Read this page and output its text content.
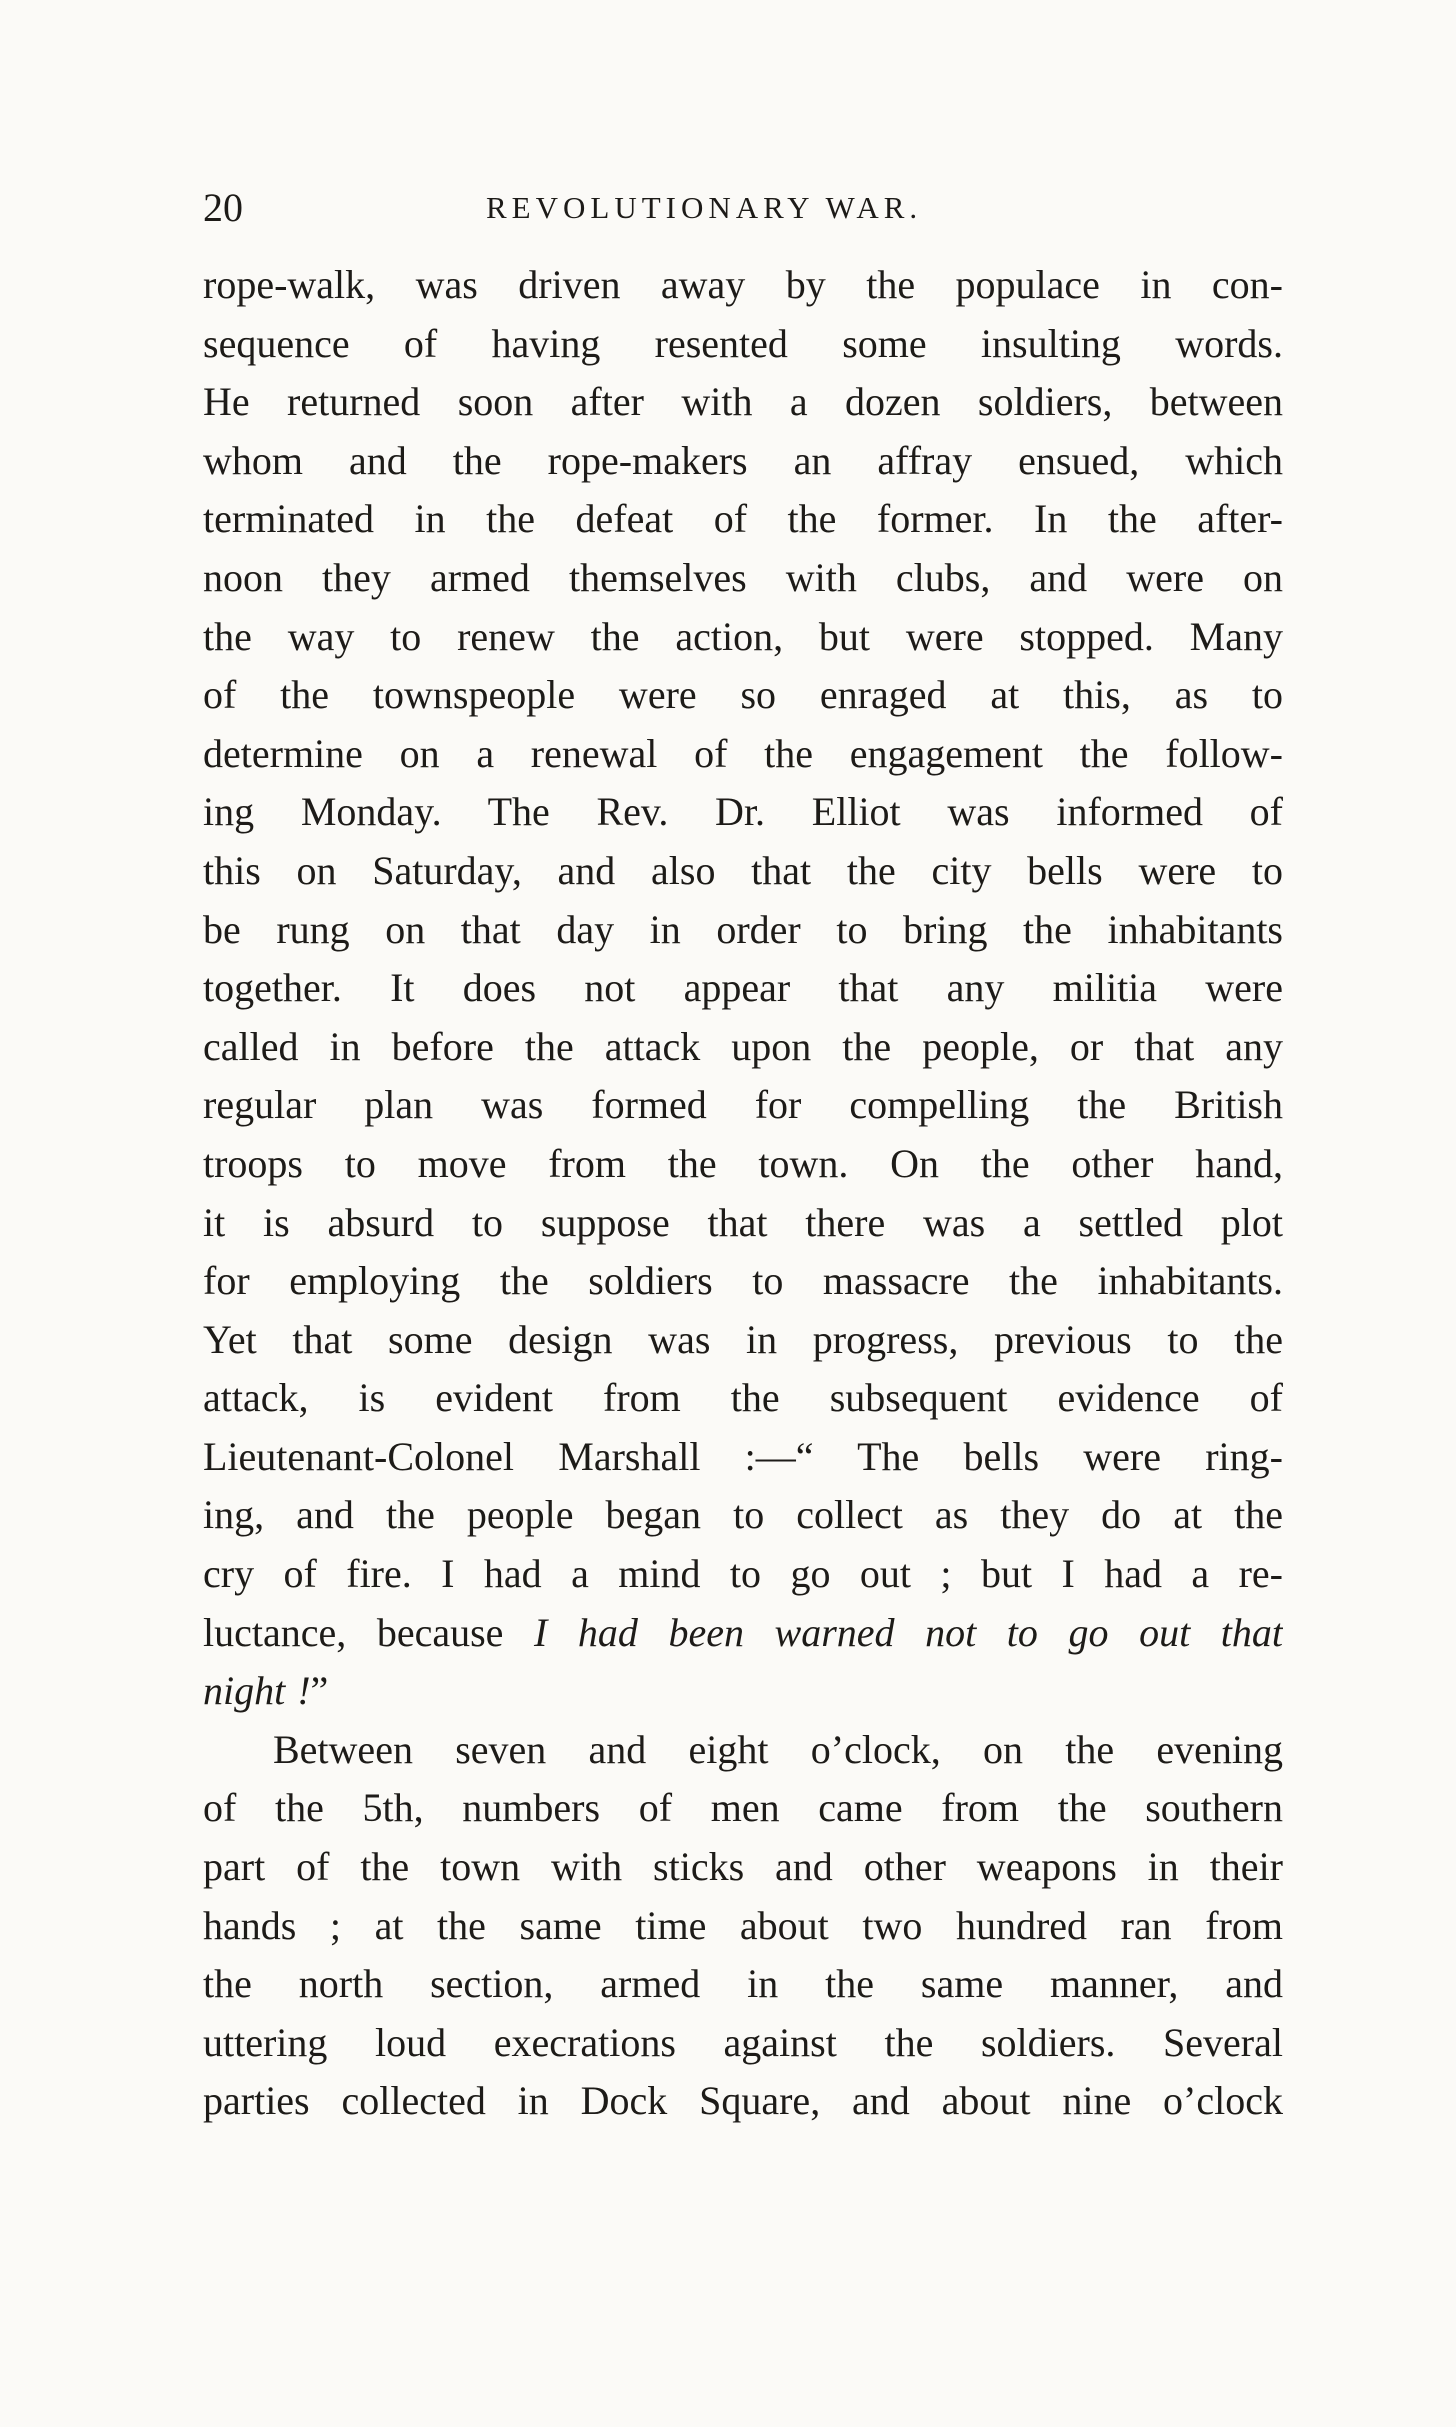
20	REVOLUTIONARY WAR.
rope-walk, was driven away by the populace in con-
sequence of having resented some insulting words.
He returned soon after with a dozen soldiers, between
whom and the rope-makers an affray ensued, which
terminated in the defeat of the former. In the after-
noon they armed themselves with clubs, and were on
the way to renew the action, but were stopped. Many
of the townspeople were so enraged at this, as to
determine on a renewal of the engagement the follow-
ing Monday. The Rev. Dr. Elliot was informed of
this on Saturday, and also that the city bells were to
be rung on that day in order to bring the inhabitants
together. It does not appear that any militia were
called in before the attack upon the people, or that any
regular plan was formed for compelling the British
troops to move from the town. On the other hand,
it is absurd to suppose that there was a settled plot
for employing the soldiers to massacre the inhabitants.
Yet that some design was in progress, previous to the
attack, is evident from the subsequent evidence of
Lieutenant-Colonel Marshall :—“ The bells were ring-
ing, and the people began to collect as they do at the
cry of fire. I had a mind to go out ; but I had a re-
luctance, because I had been warned not to go out that
night !”
Between seven and eight o’clock, on the evening
of the 5th, numbers of men came from the southern
part of the town with sticks and other weapons in their
hands ; at the same time about two hundred ran from
the north section, armed in the same manner, and
uttering loud execrations against the soldiers. Several
parties collected in Dock Square, and about nine o’clock
